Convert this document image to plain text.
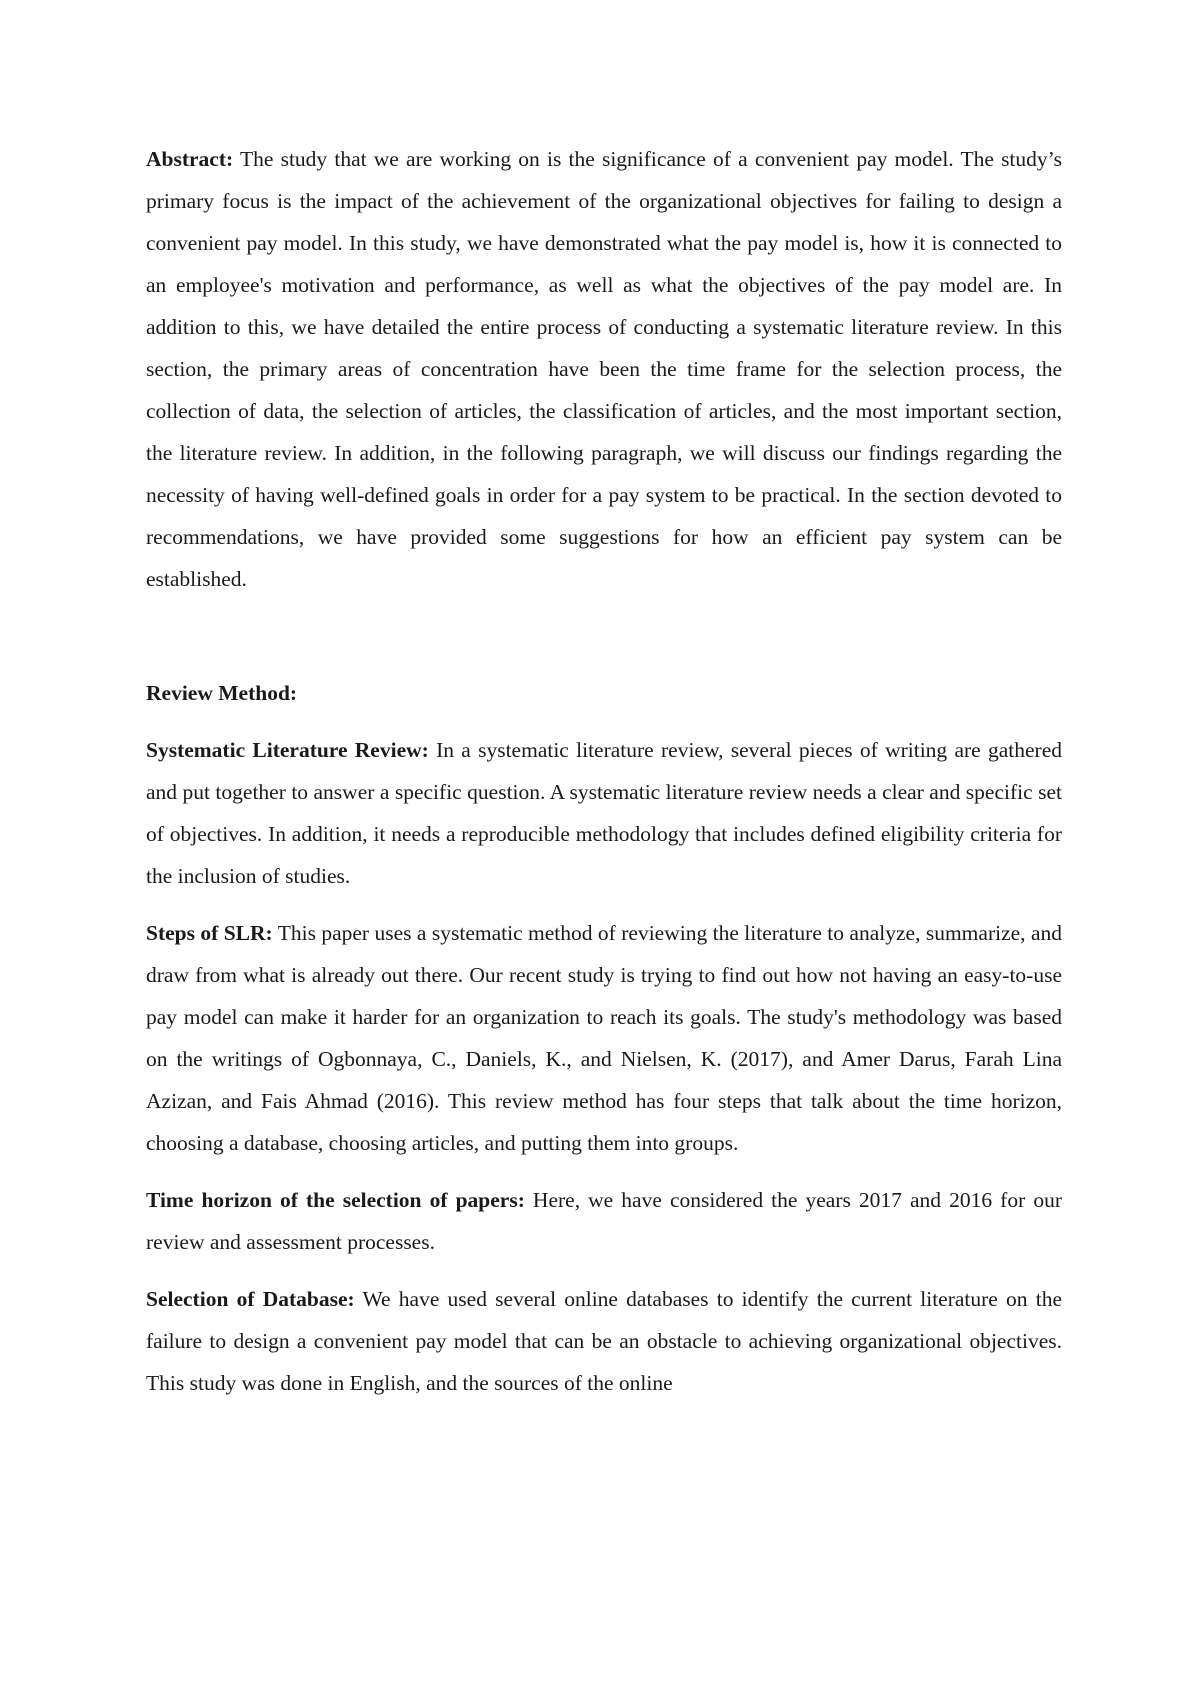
Abstract: The study that we are working on is the significance of a convenient pay model. The study’s primary focus is the impact of the achievement of the organizational objectives for failing to design a convenient pay model. In this study, we have demonstrated what the pay model is, how it is connected to an employee's motivation and performance, as well as what the objectives of the pay model are. In addition to this, we have detailed the entire process of conducting a systematic literature review. In this section, the primary areas of concentration have been the time frame for the selection process, the collection of data, the selection of articles, the classification of articles, and the most important section, the literature review. In addition, in the following paragraph, we will discuss our findings regarding the necessity of having well-defined goals in order for a pay system to be practical. In the section devoted to recommendations, we have provided some suggestions for how an efficient pay system can be established.

Review Method:

Systematic Literature Review: In a systematic literature review, several pieces of writing are gathered and put together to answer a specific question. A systematic literature review needs a clear and specific set of objectives. In addition, it needs a reproducible methodology that includes defined eligibility criteria for the inclusion of studies.

Steps of SLR: This paper uses a systematic method of reviewing the literature to analyze, summarize, and draw from what is already out there. Our recent study is trying to find out how not having an easy-to-use pay model can make it harder for an organization to reach its goals. The study's methodology was based on the writings of Ogbonnaya, C., Daniels, K., and Nielsen, K. (2017), and Amer Darus, Farah Lina Azizan, and Fais Ahmad (2016). This review method has four steps that talk about the time horizon, choosing a database, choosing articles, and putting them into groups.

Time horizon of the selection of papers: Here, we have considered the years 2017 and 2016 for our review and assessment processes.

Selection of Database: We have used several online databases to identify the current literature on the failure to design a convenient pay model that can be an obstacle to achieving organizational objectives. This study was done in English, and the sources of the online
